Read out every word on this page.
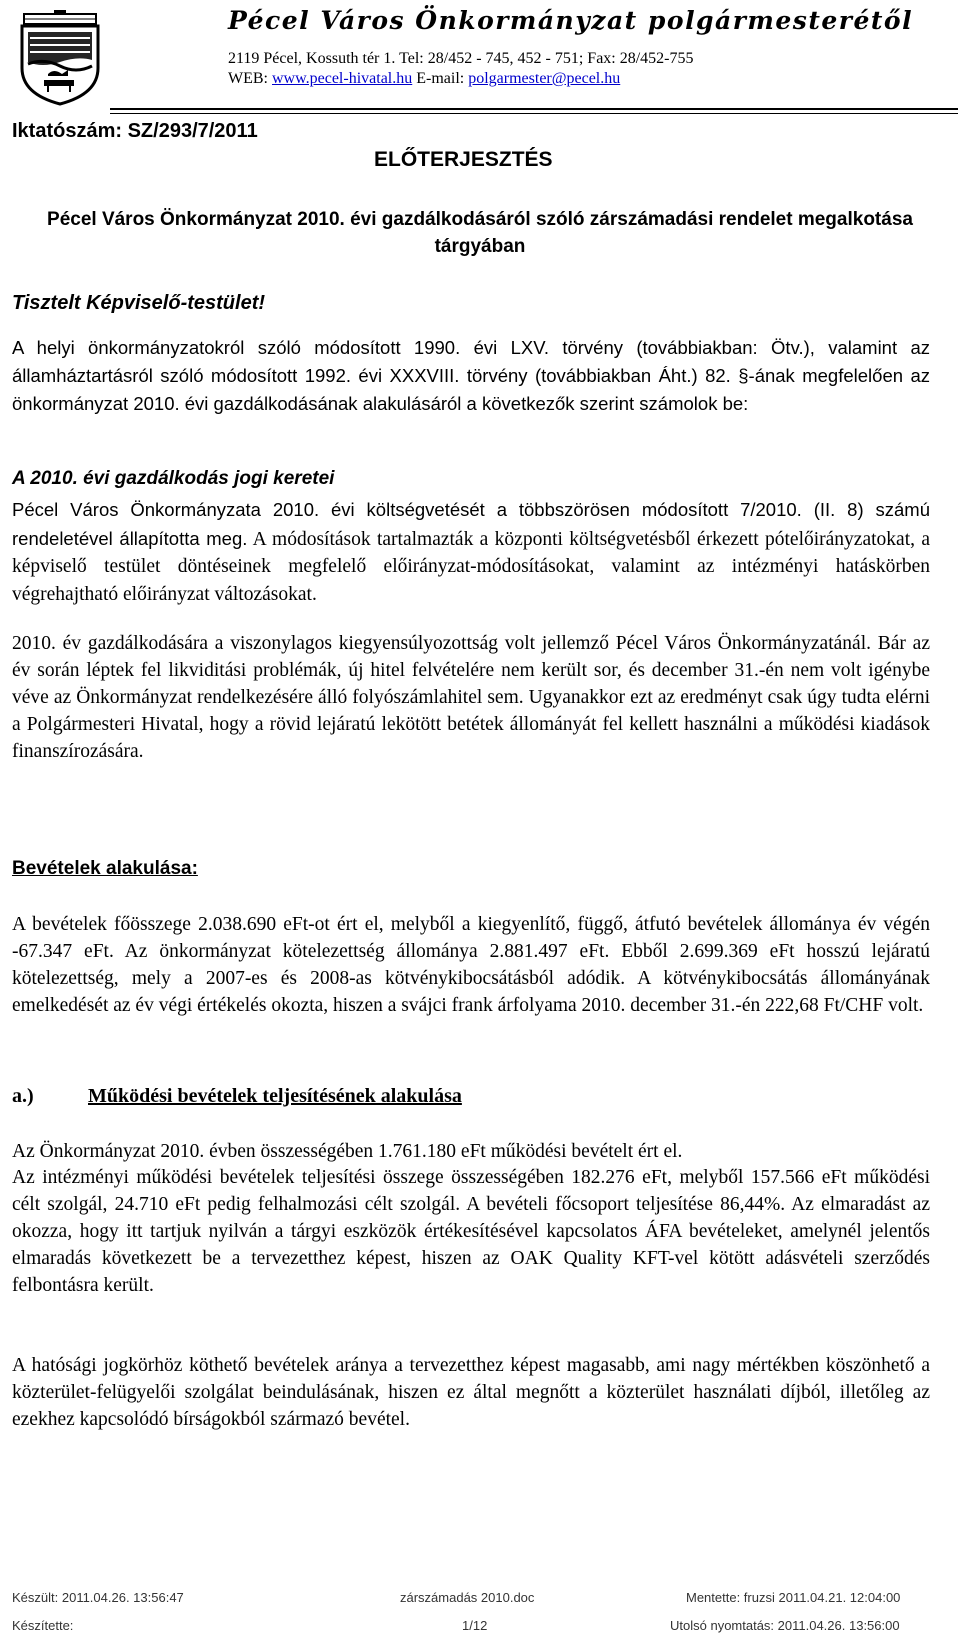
Pécel Város Önkormányzat polgármesterétől
2119 Pécel, Kossuth tér 1. Tel: 28/452 - 745, 452 - 751; Fax: 28/452-755
WEB: www.pecel-hivatal.hu E-mail: polgarmester@pecel.hu
Iktatószám: SZ/293/7/2011
ELŐTERJESZTÉS
Pécel Város Önkormányzat 2010. évi gazdálkodásáról szóló zárszámadási rendelet megalkotása tárgyában
Tisztelt Képviselő-testület!
A helyi önkormányzatokról szóló módosított 1990. évi LXV. törvény (továbbiakban: Ötv.), valamint az államháztartásról szóló módosított 1992. évi XXXVIII. törvény (továbbiakban Áht.) 82. §-ának megfelelően az önkormányzat 2010. évi gazdálkodásának alakulásáról a következők szerint számolok be:
A 2010. évi gazdálkodás jogi keretei
Pécel Város Önkormányzata 2010. évi költségvetését a többszörösen módosított 7/2010. (II. 8) számú rendeletével állapította meg. A módosítások tartalmazták a központi költségvetésből érkezett pótelőirányzatokat, a képviselő testület döntéseinek megfelelő előirányzat-módosításokat, valamint az intézményi hatáskörben végrehajtható előirányzat változásokat.
2010. év gazdálkodására a viszonylagos kiegyensúlyozottság volt jellemző Pécel Város Önkormányzatánál. Bár az év során léptek fel likviditási problémák, új hitel felvételére nem került sor, és december 31.-én nem volt igénybe véve az Önkormányzat rendelkezésére álló folyószámlahitel sem. Ugyanakkor ezt az eredményt csak úgy tudta elérni a Polgármesteri Hivatal, hogy a rövid lejáratú lekötött betétek állományát fel kellett használni a működési kiadások finanszírozására.
Bevételek alakulása:
A bevételek főösszege 2.038.690 eFt-ot ért el, melyből a kiegyenlítő, függő, átfutó bevételek állománya év végén -67.347 eFt. Az önkormányzat kötelezettség állománya 2.881.497 eFt. Ebből 2.699.369 eFt hosszú lejáratú kötelezettség, mely a 2007-es és 2008-as kötvénykibocsátásból adódik. A kötvénykibocsátás állományának emelkedését az év végi értékelés okozta, hiszen a svájci frank árfolyama 2010. december 31.-én 222,68 Ft/CHF volt.
a.)	Működési bevételek teljesítésének alakulása
Az Önkormányzat 2010. évben összességében 1.761.180 eFt működési bevételt ért el.
Az intézményi működési bevételek teljesítési összege összességében 182.276 eFt, melyből 157.566 eFt működési célt szolgál, 24.710 eFt pedig felhalmozási célt szolgál. A bevételi főcsoport teljesítése 86,44%. Az elmaradást az okozza, hogy itt tartjuk nyilván a tárgyi eszközök értékesítésével kapcsolatos ÁFA bevételeket, amelynél jelentős elmaradás következett be a tervezetthez képest, hiszen az OAK Quality KFT-vel kötött adásvételi szerződés felbontásra került.
A hatósági jogkörhöz köthető bevételek aránya a tervezetthez képest magasabb, ami nagy mértékben köszönhető a közterület-felügyelői szolgálat beindulásának, hiszen ez által megnőtt a közterület használati díjból, illetőleg az ezekhez kapcsolódó bírságokból származó bevétel.
Készült: 2011.04.26. 13:56:47	zárszámadás 2010.doc	Mentette: fruzsi 2011.04.21. 12:04:00
Készítette:	1/12	Utolsó nyomtatás: 2011.04.26. 13:56:00
